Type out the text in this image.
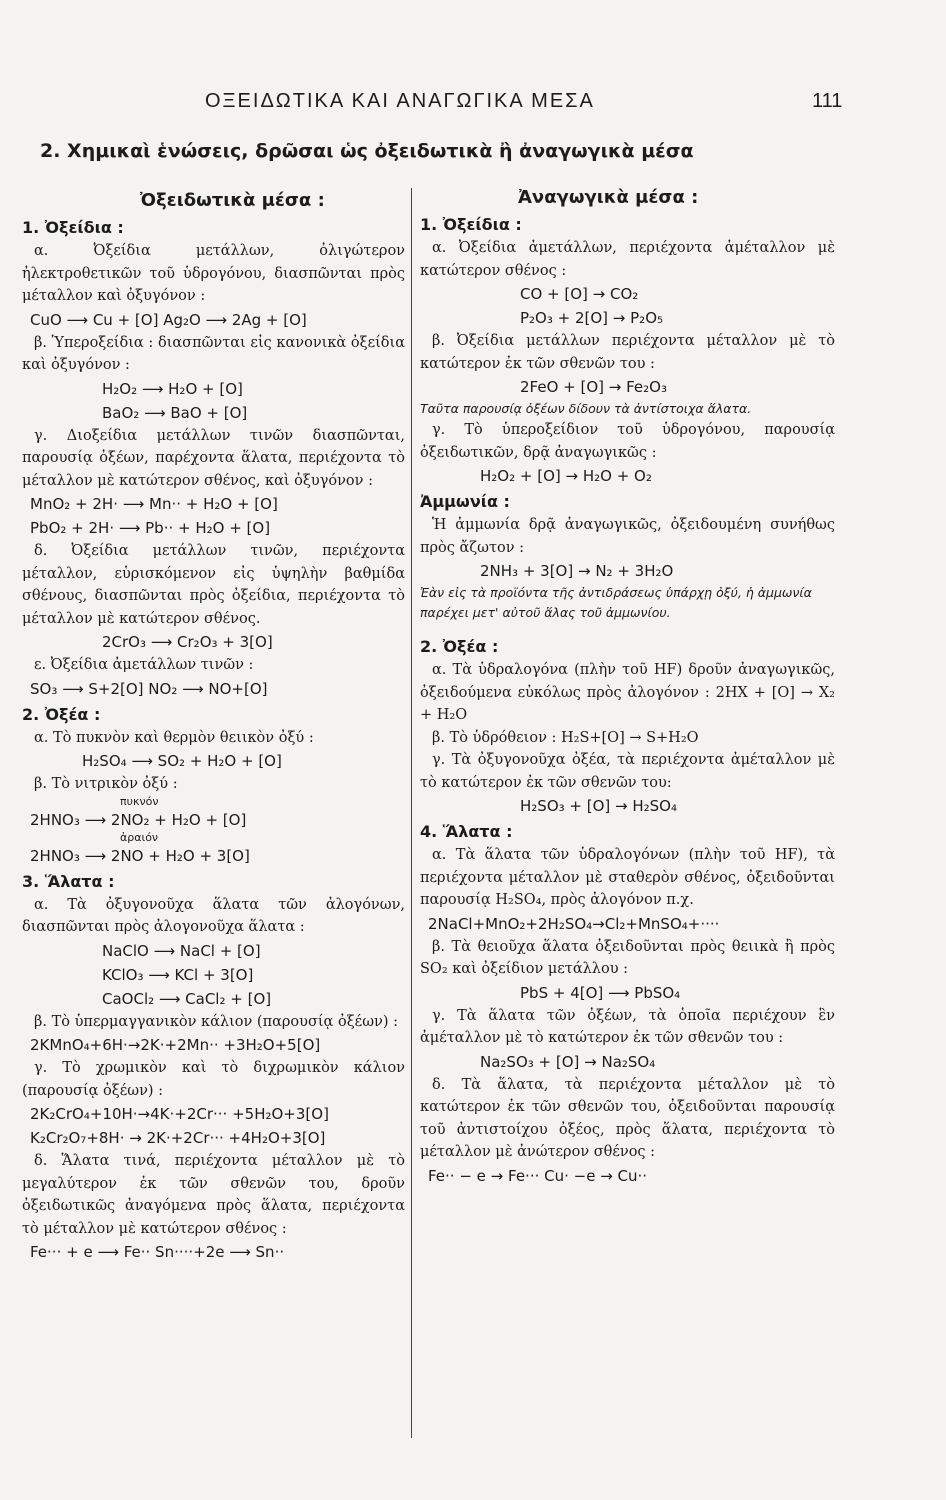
ΟΞΕΙΔΩΤΙΚΑ ΚΑΙ ΑΝΑΓΩΓΙΚΑ ΜΕΣΑ	111
2. Χημικαὶ ἑνώσεις, δρῶσαι ὡς ὀξειδωτικὰ ἢ ἀναγωγικὰ μέσα
Ὀξειδωτικὰ μέσα :
1. Ὀξείδια :
α. Ὀξείδια μετάλλων, ὀλιγώτερον ἠλεκτροθετικῶν τοῦ ὑδρογόνου, διασπῶνται πρὸς μέταλλον καὶ ὀξυγόνον :
CuO ⟶ Cu + [O] Ag₂O ⟶ 2Ag + [O]
β. Ὑπεροξείδια : διασπῶνται εἰς κανονικὰ ὀξείδια καὶ ὀξυγόνον :
H₂O₂ ⟶ H₂O + [O]
BaO₂ ⟶ BaO + [O]
γ. Διοξείδια μετάλλων τινῶν διασπῶνται, παρουσίᾳ ὀξέων, παρέχοντα ἅλατα, περιέχοντα τὸ μέταλλον μὲ κατώτερον σθένος, καὶ ὀξυγόνον :
MnO₂ + 2H· ⟶ Mn·· + H₂O + [O]
PbO₂ + 2H· ⟶ Pb·· + H₂O + [O]
δ. Ὀξείδια μετάλλων τινῶν, περιέχοντα μέταλλον, εὑρισκόμενον εἰς ὑψηλὴν βαθμίδα σθένους, διασπῶνται πρὸς ὀξείδια, περιέχοντα τὸ μέταλλον μὲ κατώτερον σθένος.
2CrO₃ ⟶ Cr₂O₃ + 3[O]
ε. Ὀξείδια ἀμετάλλων τινῶν :
SO₃ ⟶ S+2[O] NO₂ ⟶ NO+[O]
2. Ὀξέα :
α. Τὸ πυκνὸν καὶ θερμὸν θειικὸν ὀξύ :
H₂SO₄ ⟶ SO₂ + H₂O + [O]
β. Τὸ νιτρικὸν ὀξύ :
πυκνόν
2HNO₃ ⟶ 2NO₂ + H₂O + [O]
ἀραιόν
2HNO₃ ⟶ 2NO + H₂O + 3[O]
3. Ἅλατα :
α. Τὰ ὀξυγονοῦχα ἅλατα τῶν ἀλογόνων, διασπῶνται πρὸς ἀλογονοῦχα ἅλατα :
NaClO ⟶ NaCl + [O]
KClO₃ ⟶ KCl + 3[O]
CaOCl₂ ⟶ CaCl₂ + [O]
β. Τὸ ὑπερμαγγανικὸν κάλιον (παρουσίᾳ ὀξέων) :
2KMnO₄+6H·→2K·+2Mn·· +3H₂O+5[O]
γ. Τὸ χρωμικὸν καὶ τὸ διχρωμικὸν κάλιον (παρουσίᾳ ὀξέων) :
2K₂CrO₄+10H·→4K·+2Cr··· +5H₂O+3[O]
K₂Cr₂O₇+8H· → 2K·+2Cr··· +4H₂O+3[O]
δ. Ἅλατα τινά, περιέχοντα μέταλλον μὲ τὸ μεγαλύτερον ἐκ τῶν σθενῶν του, δροῦν ὀξειδωτικῶς ἀναγόμενα πρὸς ἅλατα, περιέχοντα τὸ μέταλλον μὲ κατώτερον σθένος :
Fe··· + e ⟶ Fe·· Sn····+2e ⟶ Sn··
Ἀναγωγικὰ μέσα :
1. Ὀξείδια :
α. Ὀξείδια ἀμετάλλων, περιέχοντα ἀμέταλλον μὲ κατώτερον σθένος :
CO + [O] → CO₂
P₂O₃ + 2[O] → P₂O₅
β. Ὀξείδια μετάλλων περιέχοντα μέταλλον μὲ τὸ κατώτερον ἐκ τῶν σθενῶν του :
2FeO + [O] → Fe₂O₃
Ταῦτα παρουσίᾳ ὀξέων δίδουν τὰ ἀντίστοιχα ἅλατα.
γ. Τὸ ὑπεροξείδιον τοῦ ὑδρογόνου, παρουσίᾳ ὀξειδωτικῶν, δρᾷ ἀναγωγικῶς :
H₂O₂ + [O] → H₂O + O₂
Ἀμμωνία :
Ἡ ἀμμωνία δρᾷ ἀναγωγικῶς, ὀξειδουμένη συνήθως πρὸς ἄζωτον :
2NH₃ + 3[O] → N₂ + 3H₂O
Ἐὰν εἰς τὰ προϊόντα τῆς ἀντιδράσεως ὑπάρχῃ ὀξύ, ἡ ἀμμωνία παρέχει μετ' αὐτοῦ ἅλας τοῦ ἀμμωνίου.
2. Ὀξέα :
α. Τὰ ὑδραλογόνα (πλὴν τοῦ HF) δροῦν ἀναγωγικῶς, ὀξειδούμενα εὐκόλως πρὸς ἀλογόνον : 2HX + [O] → X₂ + H₂O
β. Τὸ ὑδρόθειον : H₂S+[O] → S+H₂O
γ. Τὰ ὀξυγονοῦχα ὀξέα, τὰ περιέχοντα ἀμέταλλον μὲ τὸ κατώτερον ἐκ τῶν σθενῶν του:
H₂SO₃ + [O] → H₂SO₄
4. Ἅλατα :
α. Τὰ ἅλατα τῶν ὑδραλογόνων (πλὴν τοῦ HF), τὰ περιέχοντα μέταλλον μὲ σταθερὸν σθένος, ὀξειδοῦνται παρουσίᾳ H₂SO₄, πρὸς ἀλογόνον π.χ.
2NaCl+MnO₂+2H₂SO₄→Cl₂+MnSO₄+····
β. Τὰ θειοῦχα ἅλατα ὀξειδοῦνται πρὸς θειικὰ ἢ πρὸς SO₂ καὶ ὀξείδιον μετάλλου :
PbS + 4[O] ⟶ PbSO₄
γ. Τὰ ἅλατα τῶν ὀξέων, τὰ ὁποῖα περιέχουν ἓν ἀμέταλλον μὲ τὸ κατώτερον ἐκ τῶν σθενῶν του :
Na₂SO₃ + [O] → Na₂SO₄
δ. Τὰ ἅλατα, τὰ περιέχοντα μέταλλον μὲ τὸ κατώτερον ἐκ τῶν σθενῶν του, ὀξειδοῦνται παρουσίᾳ τοῦ ἀντιστοίχου ὀξέος, πρὸς ἅλατα, περιέχοντα τὸ μέταλλον μὲ ἀνώτερον σθένος :
Fe·· − e → Fe··· Cu· −e → Cu··
